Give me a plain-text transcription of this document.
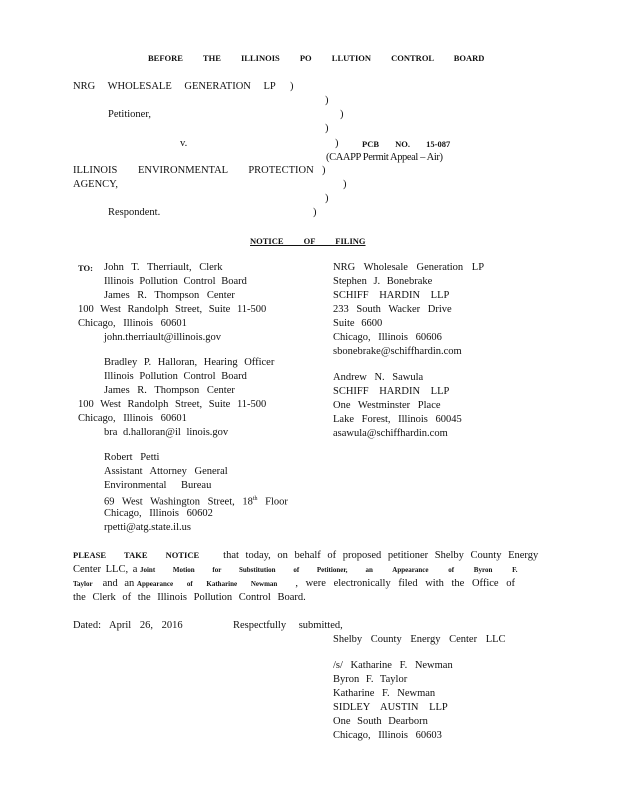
BEFORE THE ILLINOIS PO LLUTION CONTROL BOARD
NRG WHOLESALE GENERATION LP )
)
Petitioner,	)
)
v.	)	PCB NO. 15-087
(CAAPP Permit Appeal – Air)
ILLINOIS ENVIRONMENTAL PROTECTION )
AGENCY,	)
)
Respondent.	)
NOTICE OF FILING
TO: John T. Therriault, Clerk
Illinois Pollution Control Board
James R. Thompson Center
100 West Randolph Street, Suite 11-500
Chicago, Illinois 60601
john.therriault@illinois.gov
Bradley P. Halloran, Hearing Officer
Illinois Pollution Control Board
James R. Thompson Center
100 West Randolph Street, Suite 11-500
Chicago, Illinois 60601
bra d.halloran@il linois.gov
Robert Petti
Assistant Attorney General
Environmental Bureau
69 West Washington Street, 18th Floor
Chicago, Illinois 60602
rpetti@atg.state.il.us
NRG Wholesale Generation LP
Stephen J. Bonebrake
SCHIFF HARDIN LLP
233 South Wacker Drive
Suite 6600
Chicago, Illinois 60606
sbonebrake@schiffhardin.com
Andrew N. Sawula
SCHIFF HARDIN LLP
One Westminster Place
Lake Forest, Illinois 60045
asawula@schiffhardin.com
PLEASE TAKE NOTICE that today, on behalf of proposed petitioner Shelby County Energy
Center LLC, a Joint Motion for Substitution of Petitioner,	an Appearance of Byron F.
Taylor and an Appearance of Katharine Newman , were electronically filed with the Office of
the Clerk of the Illinois Pollution Control Board.
Dated: April 26, 2016	Respectfully submitted,
Shelby County Energy Center LLC
/s/ Katharine F. Newman
Byron F. Taylor
Katharine F. Newman
SIDLEY AUSTIN LLP
One South Dearborn
Chicago, Illinois 60603
